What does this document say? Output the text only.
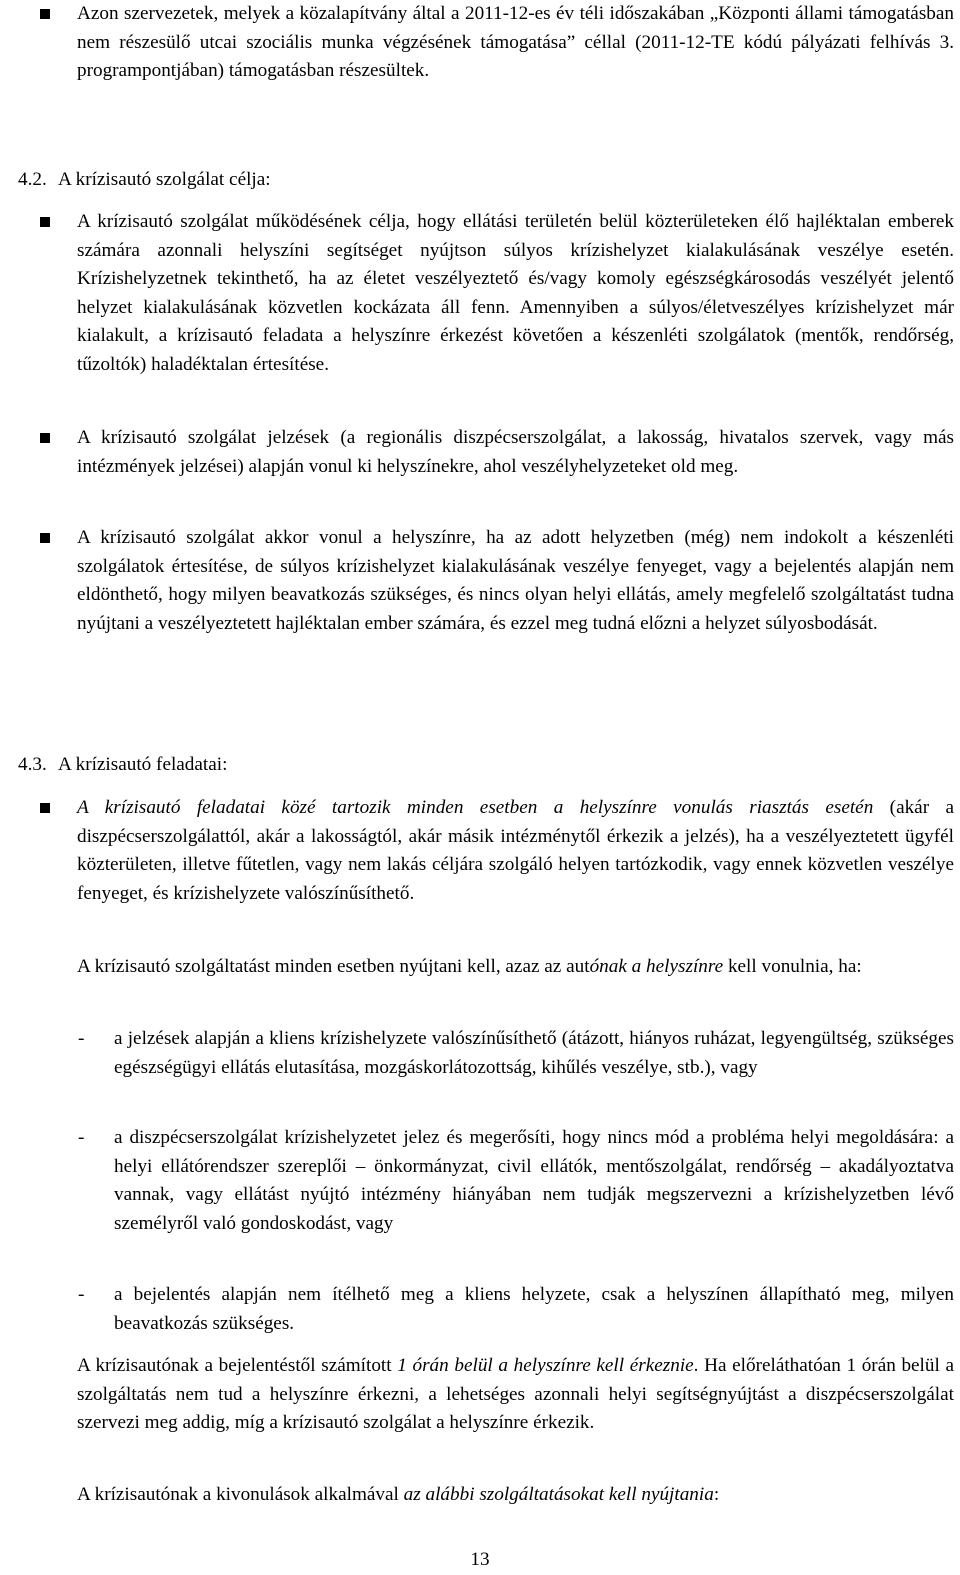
Azon szervezetek, melyek a közalapítvány által a 2011-12-es év téli időszakában „Központi állami támogatásban nem részesülő utcai szociális munka végzésének támogatása” céllal (2011-12-TE kódú pályázati felhívás 3. programpontjában) támogatásban részesültek.

4.2. A krízisautó szolgálat célja:

A krízisautó szolgálat működésének célja, hogy ellátási területén belül közterületeken élő hajléktalan emberek számára azonnali helyszíni segítséget nyújtson súlyos krízishelyzet kialakulásának veszélye esetén. Krízishelyzetnek tekinthető, ha az életet veszélyeztető és/vagy komoly egészségkárosodás veszélyét jelentő helyzet kialakulásának közvetlen kockázata áll fenn. Amennyiben a súlyos/életveszélyes krízishelyzet már kialakult, a krízisautó feladata a helyszínre érkezést követően a készenléti szolgálatok (mentők, rendőrség, tűzoltók) haladéktalan értesítése.

A krízisautó szolgálat jelzések (a regionális diszpécserszolgálat, a lakosság, hivatalos szervek, vagy más intézmények jelzései) alapján vonul ki helyszínekre, ahol veszélyhelyzeteket old meg.

A krízisautó szolgálat akkor vonul a helyszínre, ha az adott helyzetben (még) nem indokolt a készenléti szolgálatok értesítése, de súlyos krízishelyzet kialakulásának veszélye fenyeget, vagy a bejelentés alapján nem eldönthető, hogy milyen beavatkozás szükséges, és nincs olyan helyi ellátás, amely megfelelő szolgáltatást tudna nyújtani a veszélyeztetett hajléktalan ember számára, és ezzel meg tudná előzni a helyzet súlyosbodását.

4.3. A krízisautó feladatai:

A krízisautó feladatai közé tartozik minden esetben a helyszínre vonulás riasztás esetén (akár a diszpécserszolgálattól, akár a lakosságtól, akár másik intézménytől érkezik a jelzés), ha a veszélyeztetett ügyfél közterületen, illetve fűtetlen, vagy nem lakás céljára szolgáló helyen tartózkodik, vagy ennek közvetlen veszélye fenyeget, és krízishelyzete valószínűsíthető.

A krízisautó szolgáltatást minden esetben nyújtani kell, azaz az autónak a helyszínre kell vonulnia, ha:

- a jelzések alapján a kliens krízishelyzete valószínűsíthető (átázott, hiányos ruházat, legyengültség, szükséges egészségügyi ellátás elutasítása, mozgáskorlátozottság, kihűlés veszélye, stb.), vagy

- a diszpécserszolgálat krízishelyzetet jelez és megerősíti, hogy nincs mód a probléma helyi megoldására: a helyi ellátórendszer szereplői – önkormányzat, civil ellátók, mentőszolgálat, rendőrség – akadályoztatva vannak, vagy ellátást nyújtó intézmény hiányában nem tudják megszervezni a krízishelyzetben lévő személyről való gondoskodást, vagy

- a bejelentés alapján nem ítélhető meg a kliens helyzete, csak a helyszínen állapítható meg, milyen beavatkozás szükséges.

A krízisautónak a bejelentéstől számított 1 órán belül a helyszínre kell érkeznie. Ha előreláthatóan 1 órán belül a szolgáltatás nem tud a helyszínre érkezni, a lehetséges azonnali helyi segítségnyújtást a diszpécserszolgálat szervezi meg addig, míg a krízisautó szolgálat a helyszínre érkezik.

A krízisautónak a kivonulások alkalmával az alábbi szolgáltatásokat kell nyújtania:

13
